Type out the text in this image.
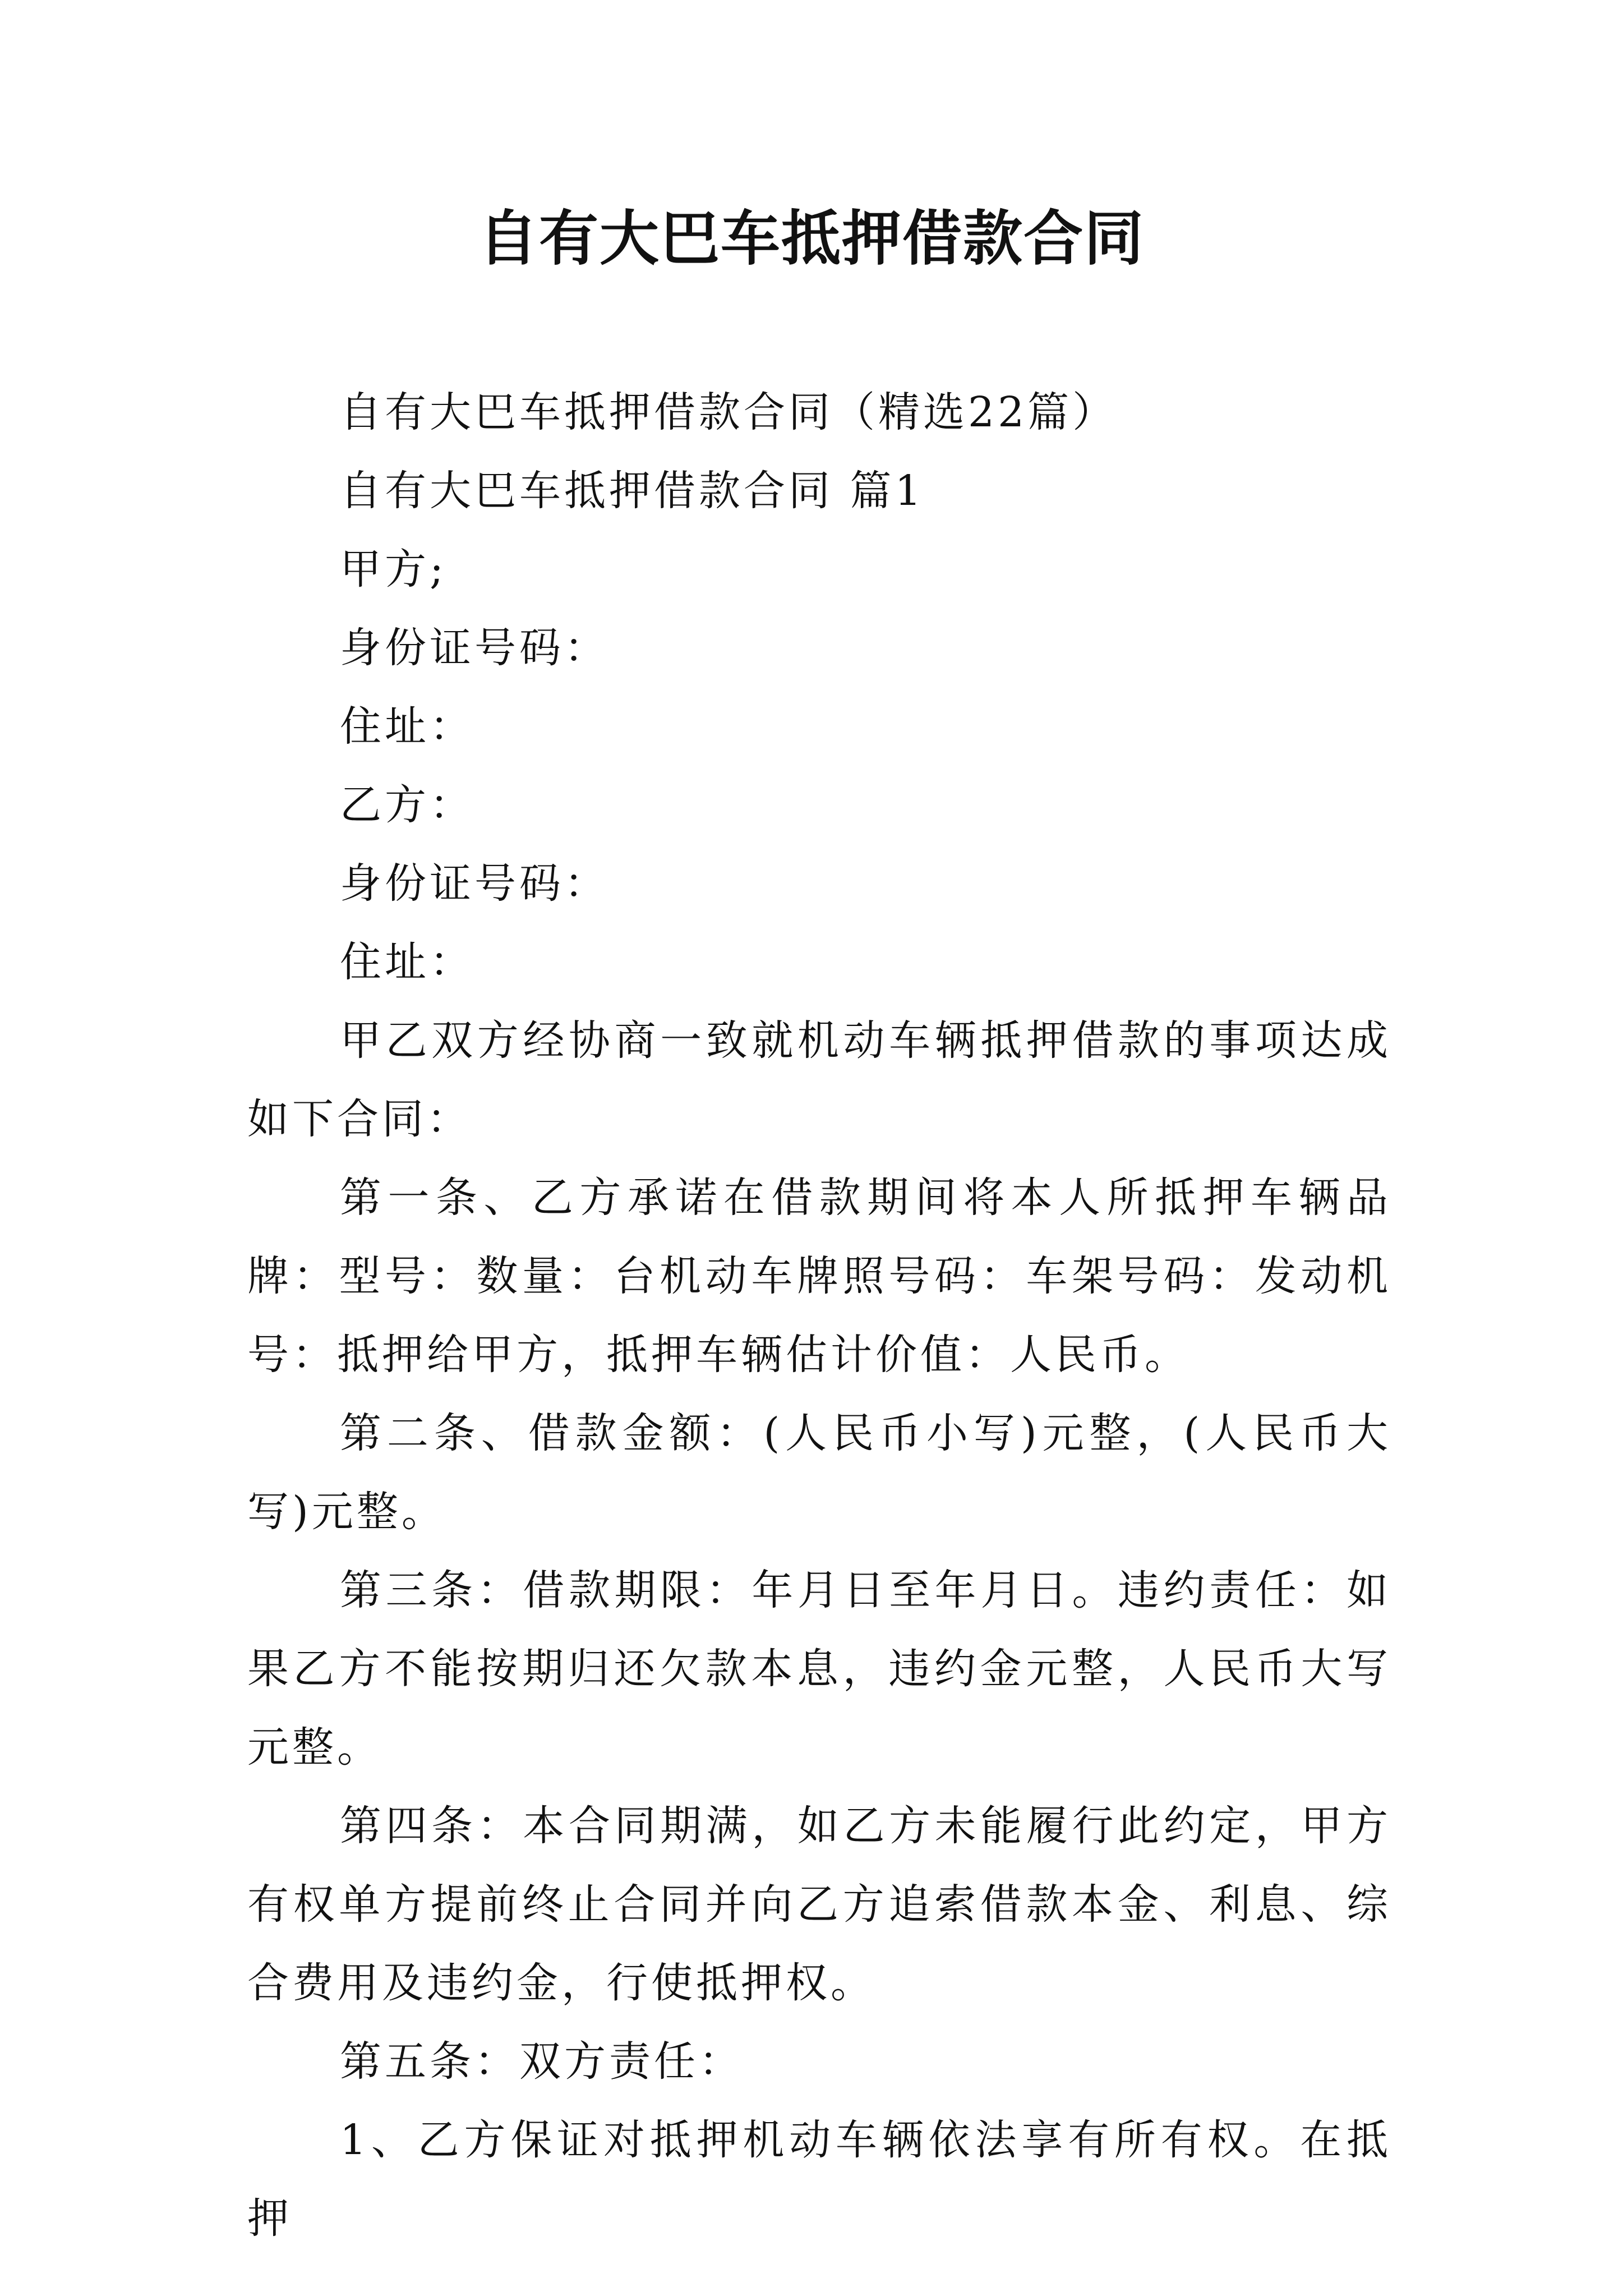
自有大巴车抵押借款合同

自有大巴车抵押借款合同（精选22篇）

自有大巴车抵押借款合同 篇1

甲方;

身份证号码：

住址：

乙方：

身份证号码：

住址：

甲乙双方经协商一致就机动车辆抵押借款的事项达成如下合同：

第一条、乙方承诺在借款期间将本人所抵押车辆品牌：型号：数量：台机动车牌照号码：车架号码：发动机号：抵押给甲方，抵押车辆估计价值：人民币。

第二条、借款金额：(人民币小写)元整，(人民币大写)元整。

第三条：借款期限：年月日至年月日。违约责任：如果乙方不能按期归还欠款本息，违约金元整，人民币大写元整。

第四条：本合同期满，如乙方未能履行此约定，甲方有权单方提前终止合同并向乙方追索借款本金、利息、综合费用及违约金，行使抵押权。

第五条：双方责任：

1、乙方保证对抵押机动车辆依法享有所有权。在抵押
